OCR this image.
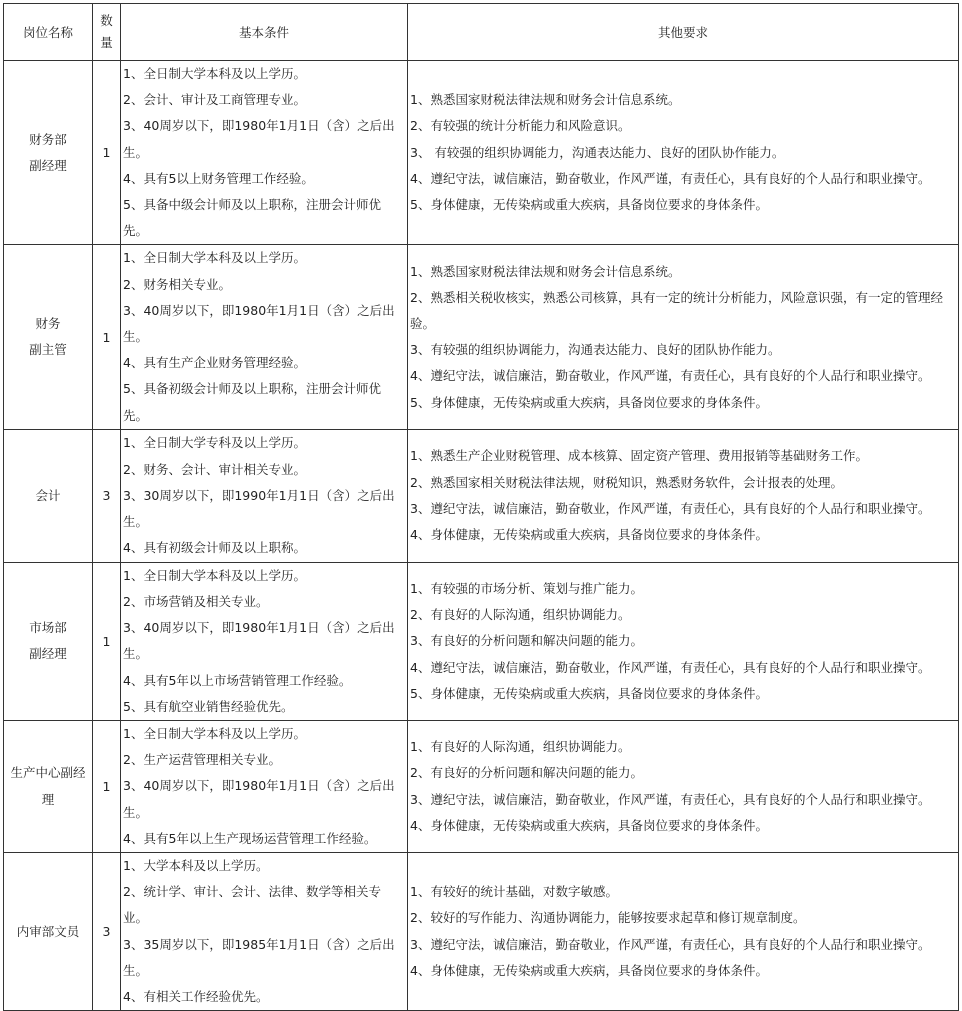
岗位名称	数量	基本条件	其他要求

财务部
副经理	1	1、全日制大学本科及以上学历。
2、会计、审计及工商管理专业。
3、40周岁以下，即1980年1月1日（含）之后出生。
4、具有5以上财务管理工作经验。
5、具备中级会计师及以上职称，注册会计师优先。	1、熟悉国家财税法律法规和财务会计信息系统。
2、有较强的统计分析能力和风险意识。
3、 有较强的组织协调能力，沟通表达能力、良好的团队协作能力。
4、遵纪守法，诚信廉洁，勤奋敬业，作风严谨，有责任心，具有良好的个人品行和职业操守。
5、身体健康，无传染病或重大疾病，具备岗位要求的身体条件。

财务
副主管	1	1、全日制大学本科及以上学历。
2、财务相关专业。
3、40周岁以下，即1980年1月1日（含）之后出生。
4、具有生产企业财务管理经验。
5、具备初级会计师及以上职称，注册会计师优先。	1、熟悉国家财税法律法规和财务会计信息系统。
2、熟悉相关税收核实，熟悉公司核算，具有一定的统计分析能力，风险意识强，有一定的管理经验。
3、有较强的组织协调能力，沟通表达能力、良好的团队协作能力。
4、遵纪守法，诚信廉洁，勤奋敬业，作风严谨，有责任心，具有良好的个人品行和职业操守。
5、身体健康，无传染病或重大疾病，具备岗位要求的身体条件。

会计	3	1、全日制大学专科及以上学历。
2、财务、会计、审计相关专业。
3、30周岁以下，即1990年1月1日（含）之后出生。
4、具有初级会计师及以上职称。	1、熟悉生产企业财税管理、成本核算、固定资产管理、费用报销等基础财务工作。
2、熟悉国家相关财税法律法规，财税知识，熟悉财务软件，会计报表的处理。
3、遵纪守法，诚信廉洁，勤奋敬业，作风严谨，有责任心，具有良好的个人品行和职业操守。
4、身体健康，无传染病或重大疾病，具备岗位要求的身体条件。

市场部
副经理	1	1、全日制大学本科及以上学历。
2、市场营销及相关专业。
3、40周岁以下，即1980年1月1日（含）之后出生。
4、具有5年以上市场营销管理工作经验。
5、具有航空业销售经验优先。	1、有较强的市场分析、策划与推广能力。
2、有良好的人际沟通，组织协调能力。
3、有良好的分析问题和解决问题的能力。
4、遵纪守法，诚信廉洁，勤奋敬业，作风严谨，有责任心，具有良好的个人品行和职业操守。
5、身体健康，无传染病或重大疾病，具备岗位要求的身体条件。

生产中心副经
理	1	1、全日制大学本科及以上学历。
2、生产运营管理相关专业。
3、40周岁以下，即1980年1月1日（含）之后出生。
4、具有5年以上生产现场运营管理工作经验。	1、有良好的人际沟通，组织协调能力。
2、有良好的分析问题和解决问题的能力。
3、遵纪守法，诚信廉洁，勤奋敬业，作风严谨，有责任心，具有良好的个人品行和职业操守。
4、身体健康，无传染病或重大疾病，具备岗位要求的身体条件。

内审部文员	3	1、大学本科及以上学历。
2、统计学、审计、会计、法律、数学等相关专业。
3、35周岁以下，即1985年1月1日（含）之后出生。
4、有相关工作经验优先。	1、有较好的统计基础，对数字敏感。
2、较好的写作能力、沟通协调能力，能够按要求起草和修订规章制度。
3、遵纪守法，诚信廉洁，勤奋敬业，作风严谨，有责任心，具有良好的个人品行和职业操守。
4、身体健康，无传染病或重大疾病，具备岗位要求的身体条件。
